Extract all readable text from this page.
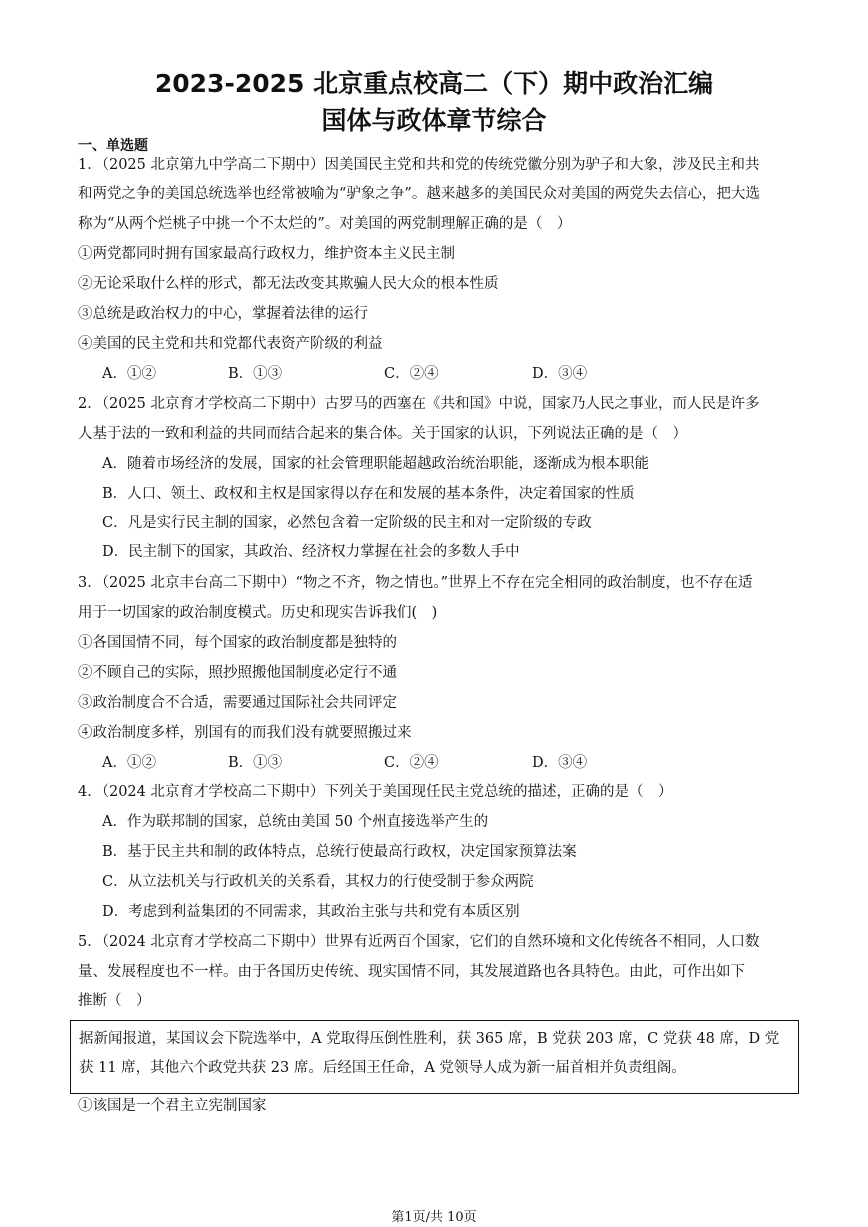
2023-2025 北京重点校高二（下）期中政治汇编
国体与政体章节综合
一、单选题
1．（2025 北京第九中学高二下期中）因美国民主党和共和党的传统党徽分别为驴子和大象，涉及民主和共
和两党之争的美国总统选举也经常被喻为“驴象之争”。越来越多的美国民众对美国的两党失去信心，把大选
称为“从两个烂桃子中挑一个不太烂的”。对美国的两党制理解正确的是（　）
①两党都同时拥有国家最高行政权力，维护资本主义民主制
②无论采取什么样的形式，都无法改变其欺骗人民大众的根本性质
③总统是政治权力的中心，掌握着法律的运行
④美国的民主党和共和党都代表资产阶级的利益
A．①②	B．①③	C．②④	D．③④
2．（2025 北京育才学校高二下期中）古罗马的西塞在《共和国》中说，国家乃人民之事业，而人民是许多
人基于法的一致和利益的共同而结合起来的集合体。关于国家的认识，下列说法正确的是（　）
A．随着市场经济的发展，国家的社会管理职能超越政治统治职能，逐渐成为根本职能
B．人口、领土、政权和主权是国家得以存在和发展的基本条件，决定着国家的性质
C．凡是实行民主制的国家，必然包含着一定阶级的民主和对一定阶级的专政
D．民主制下的国家，其政治、经济权力掌握在社会的多数人手中
3．（2025 北京丰台高二下期中）“物之不齐，物之情也。”世界上不存在完全相同的政治制度，也不存在适
用于一切国家的政治制度模式。历史和现实告诉我们(　)
①各国国情不同，每个国家的政治制度都是独特的
②不顾自己的实际，照抄照搬他国制度必定行不通
③政治制度合不合适，需要通过国际社会共同评定
④政治制度多样，别国有的而我们没有就要照搬过来
A．①②	B．①③	C．②④	D．③④
4．（2024 北京育才学校高二下期中）下列关于美国现任民主党总统的描述，正确的是（　）
A．作为联邦制的国家，总统由美国 50 个州直接选举产生的
B．基于民主共和制的政体特点，总统行使最高行政权，决定国家预算法案
C．从立法机关与行政机关的关系看，其权力的行使受制于参众两院
D．考虑到利益集团的不同需求，其政治主张与共和党有本质区别
5．（2024 北京育才学校高二下期中）世界有近两百个国家，它们的自然环境和文化传统各不相同，人口数
量、发展程度也不一样。由于各国历史传统、现实国情不同，其发展道路也各具特色。由此，可作出如下
推断（　）
据新闻报道，某国议会下院选举中，A 党取得压倒性胜利，获 365 席，B 党获 203 席，C 党获 48 席，D 党
获 11 席，其他六个政党共获 23 席。后经国王任命，A 党领导人成为新一届首相并负责组阁。
①该国是一个君主立宪制国家
第1页/共 10页
